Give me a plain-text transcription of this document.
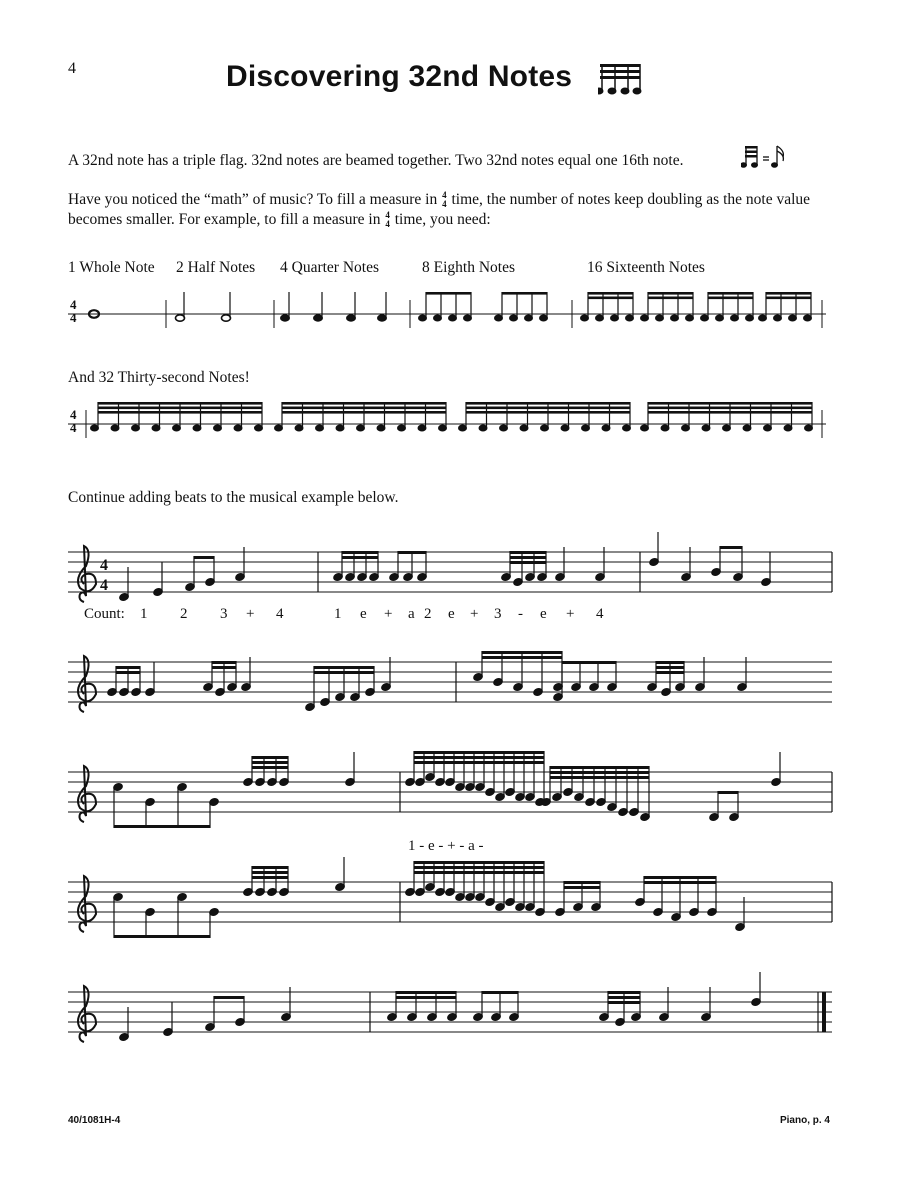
4	Discovering 32nd Notes
A 32nd note has a triple flag. 32nd notes are beamed together. Two 32nd notes equal one 16th note.
Have you noticed the “math” of music? To fill a measure in 4
4 time, the number of notes keep doubling as the note value becomes smaller. For example, to fill a measure in 4
4 time, you need:
1 Whole Note 2 Half Notes 4 Quarter Notes	8 Eighth Notes	16 Sixteenth Notes
4
4
And 32 Thirty-second Notes!
4
4
Continue adding beats to the musical example below.
4
4
Count: 1 2 3 + 4	1 e + a 2 e + 3 - e + 4
1 - e - + - a -
40/1081H-4	Piano, p. 4
